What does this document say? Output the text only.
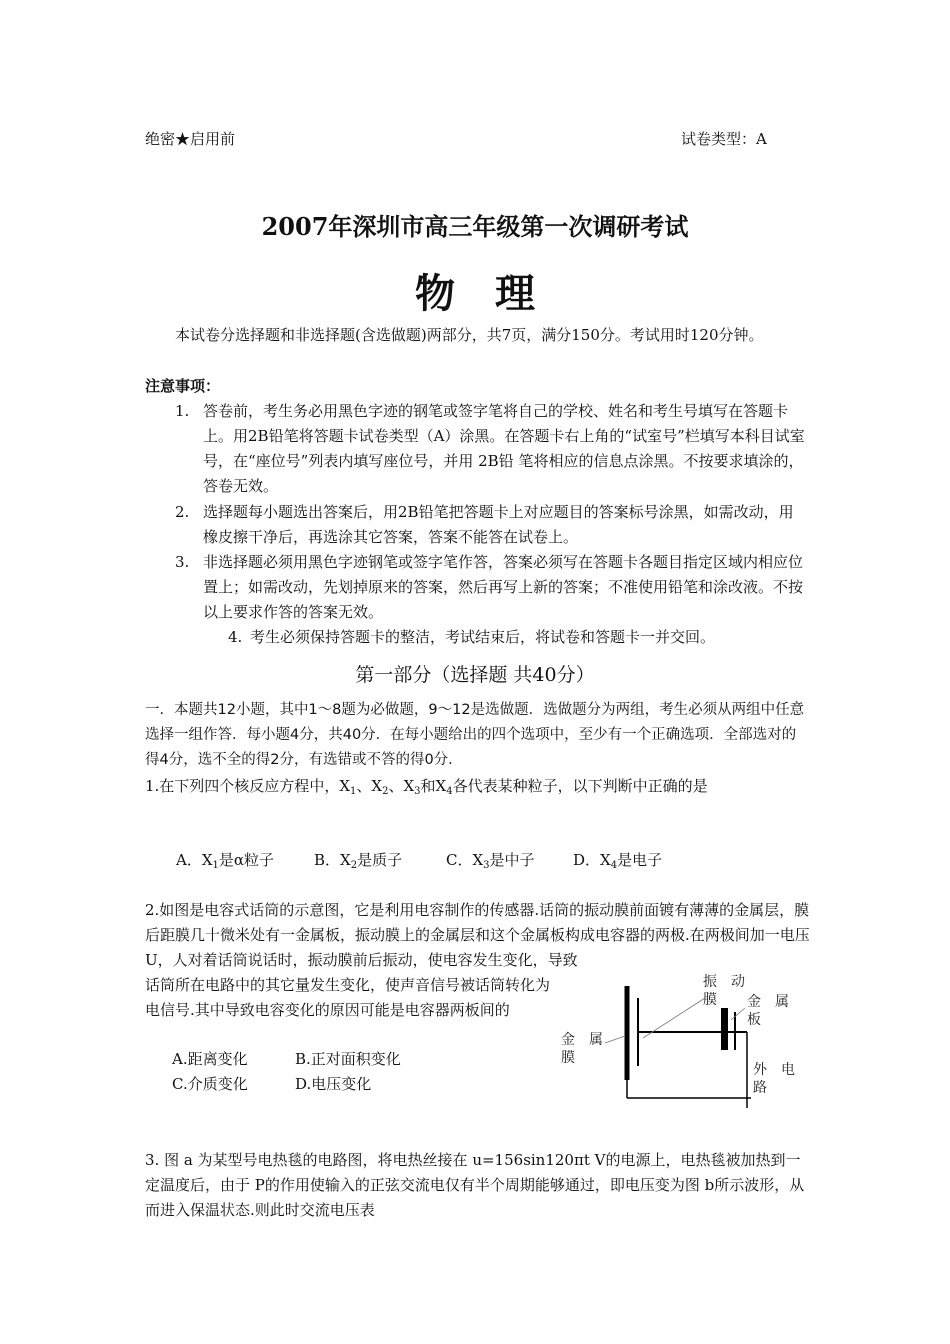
绝密★启用前	试卷类型：A
2007年深圳市高三年级第一次调研考试
物　理
本试卷分选择题和非选择题(含选做题)两部分，共7页，满分150分。考试用时120分钟。
注意事项：
1. 答卷前，考生务必用黑色字迹的钢笔或签字笔将自己的学校、姓名和考生号填写在答题卡上。用2B铅笔将答题卡试卷类型（A）涂黑。在答题卡右上角的“试室号”栏填写本科目试室号，在“座位号”列表内填写座位号，并用 2B铅 笔将相应的信息点涂黑。不按要求填涂的，答卷无效。
2. 选择题每小题选出答案后，用2B铅笔把答题卡上对应题目的答案标号涂黑，如需改动，用橡皮擦干净后，再选涂其它答案，答案不能答在试卷上。
3. 非选择题必须用黑色字迹钢笔或签字笔作答，答案必须写在答题卡各题目指定区域内相应位置上；如需改动，先划掉原来的答案，然后再写上新的答案；不准使用铅笔和涂改液。不按以上要求作答的答案无效。
4. 考生必须保持答题卡的整洁，考试结束后，将试卷和答题卡一并交回。
第一部分（选择题 共40分）
一．本题共12小题，其中1～8题为必做题，9～12是选做题．选做题分为两组，考生必须从两组中任意选择一组作答．每小题4分，共40分．在每小题给出的四个选项中，至少有一个正确选项．全部选对的得4分，选不全的得2分，有选错或不答的得0分．
1.在下列四个核反应方程中，$X_1$、$X_2$、$X_3$和$X_4$各代表某种粒子，以下判断中正确的是
A．$X_1$是α粒子	B．$X_2$是质子	C．$X_3$是中子	D．$X_4$是电子
2.如图是电容式话筒的示意图，它是利用电容制作的传感器.话筒的振动膜前面镀有薄薄的金属层，膜后距膜几十微米处有一金属板，振动膜上的金属层和这个金属板构成电容器的两极.在两极间加一电压 U，人对着话筒说话时，振动膜前后振动，使电容发生变化，导致
话筒所在电路中的其它量发生变化，使声音信号被话筒转化为电信号.其中导致电容变化的原因可能是电容器两板间的
A.距离变化	B.正对面积变化
C.介质变化	D.电压变化
振　动
膜 金　属
板
金　属
膜
外　电
路
3. 图 a 为某型号电热毯的电路图，将电热丝接在 u=156sin120πt V的电源上，电热毯被加热到一定温度后，由于 P的作用使输入的正弦交流电仅有半个周期能够通过，即电压变为图 b所示波形，从而进入保温状态.则此时交流电压表
